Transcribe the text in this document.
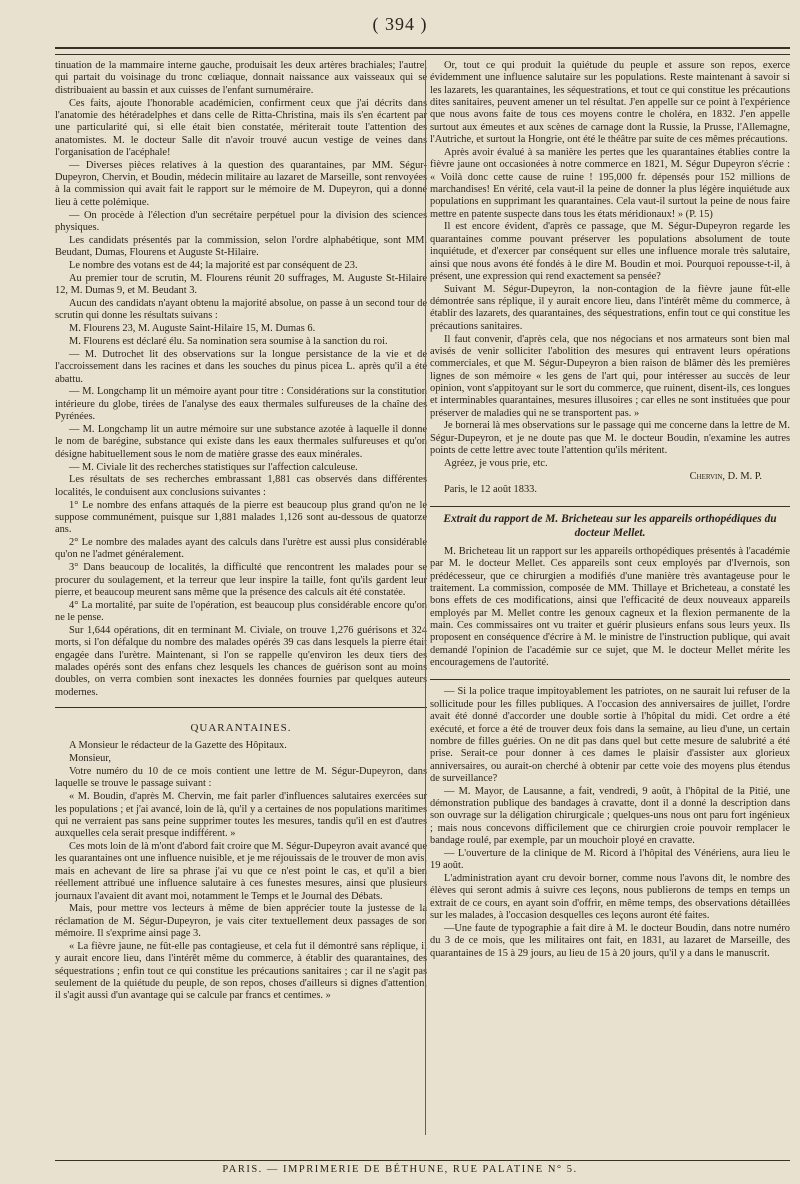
( 394 )

tinuation de la mammaire interne gauche, produisait les deux artères brachiales; l'autre, qui partait du voisinage du tronc cœliaque, donnait naissance aux vaisseaux qui se distribuaient au bassin et aux cuisses de l'enfant surnuméraire.

Ces faits, ajoute l'honorable académicien, confirment ceux que j'ai décrits dans l'anatomie des hétéradelphes et dans celle de Ritta-Christina, mais ils s'en écartent par une particularité qui, si elle était bien constatée, mériterait toute l'attention des anatomistes. M. le docteur Salle dit n'avoir trouvé aucun vestige de veines dans l'organisation de l'acéphale!

— Diverses pièces relatives à la question des quarantaines, par MM. Ségur-Dupeyron, Chervin, et Boudin, médecin militaire au lazaret de Marseille, sont renvoyées à la commission qui avait fait le rapport sur le mémoire de M. Dupeyron, qui a donné lieu à cette polémique.

— On procède à l'élection d'un secrétaire perpétuel pour la division des sciences physiques.

Les candidats présentés par la commission, selon l'ordre alphabétique, sont MM. Beudant, Dumas, Flourens et Auguste St-Hilaire.

Le nombre des votans est de 44; la majorité est par conséquent de 23.

Au premier tour de scrutin, M. Flourens réunit 20 suffrages, M. Auguste St-Hilaire 12, M. Dumas 9, et M. Beudant 3.

Aucun des candidats n'ayant obtenu la majorité absolue, on passe à un second tour de scrutin qui donne les résultats suivans :

M. Flourens 23, M. Auguste Saint-Hilaire 15, M. Dumas 6.

M. Flourens est déclaré élu. Sa nomination sera soumise à la sanction du roi.

— M. Dutrochet lit des observations sur la longue persistance de la vie et de l'accroissement dans les racines et dans les souches du pinus picea L. après qu'il a été abattu.

— M. Longchamp lit un mémoire ayant pour titre : Considérations sur la constitution intérieure du globe, tirées de l'analyse des eaux thermales sulfureuses de la chaîne des Pyrénées.

— M. Longchamp lit un autre mémoire sur une substance azotée à laquelle il donne le nom de barégine, substance qui existe dans les eaux thermales sulfureuses et qu'on désigne habituellement sous le nom de matière grasse des eaux minérales.

— M. Civiale lit des recherches statistiques sur l'affection calculeuse.

Les résultats de ses recherches embrassant 1,881 cas observés dans différentes localités, le conduisent aux conclusions suivantes :

1° Le nombre des enfans attaqués de la pierre est beaucoup plus grand qu'on ne le suppose communément, puisque sur 1,881 malades 1,126 sont au-dessous de quatorze ans.

2° Le nombre des malades ayant des calculs dans l'urètre est aussi plus considérable qu'on ne l'admet généralement.

3° Dans beaucoup de localités, la difficulté que rencontrent les malades pour se procurer du soulagement, et la terreur que leur inspire la taille, font qu'ils gardent leur pierre, et beaucoup meurent sans même que la présence des calculs ait été constatée.

4° La mortalité, par suite de l'opération, est beaucoup plus considérable encore qu'on ne le pense.

Sur 1,644 opérations, dit en terminant M. Civiale, on trouve 1,276 guérisons et 324 morts, si l'on défalque du nombre des malades opérés 39 cas dans lesquels la pierre était engagée dans l'urètre. Maintenant, si l'on se rappelle qu'environ les deux tiers des malades opérés sont des enfans chez lesquels les chances de guérison sont au moins doubles, on verra combien sont inexactes les données fournies par quelques auteurs modernes.

QUARANTAINES.

A Monsieur le rédacteur de la Gazette des Hôpitaux.

Monsieur,

Votre numéro du 10 de ce mois contient une lettre de M. Ségur-Dupeyron, dans laquelle se trouve le passage suivant :

« M. Boudin, d'après M. Chervin, me fait parler d'influences salutaires exercées sur les populations ; et j'ai avancé, loin de là, qu'il y a certaines de nos populations maritimes qui ne verraient pas sans peine supprimer toutes les mesures, tandis qu'il en est d'autres auxquelles cela serait presque indifférent. »

Ces mots loin de là m'ont d'abord fait croire que M. Ségur-Dupeyron avait avancé que les quarantaines ont une influence nuisible, et je me réjouissais de le trouver de mon avis, mais en achevant de lire sa phrase j'ai vu que ce n'est point le cas, et qu'il a bien réellement attribué une influence salutaire à ces funestes mesures, ainsi que plusieurs journaux l'avaient dit avant moi, notamment le Temps et le Journal des Débats.

Mais, pour mettre vos lecteurs à même de bien apprécier toute la justesse de la réclamation de M. Ségur-Dupeyron, je vais citer textuellement deux passages de son mémoire. Il s'exprime ainsi page 3.

« La fièvre jaune, ne fût-elle pas contagieuse, et cela fut il démontré sans réplique, il y aurait encore lieu, dans l'intérêt même du commerce, à établir des quarantaines, des séquestrations ; enfin tout ce qui constitue les précautions sanitaires ; car il ne s'agit pas seulement de la quiétude du peuple, de son repos, choses d'ailleurs si dignes d'attention, il s'agit aussi d'un avantage qui se calcule par francs et centimes. »

Or, tout ce qui produit la quiétude du peuple et assure son repos, exerce évidemment une influence salutaire sur les populations. Reste maintenant à savoir si les lazarets, les quarantaines, les séquestrations, et tout ce qui constitue les précautions dites sanitaires, peuvent amener un tel résultat. J'en appelle sur ce point à l'expérience que nous avons faite de tous ces moyens contre le choléra, en 1832. J'en appelle surtout aux émeutes et aux scènes de carnage dont la Russie, la Prusse, l'Allemagne, l'Autriche, et surtout la Hongrie, ont été le théâtre par suite de ces mêmes précautions.

Après avoir évalué à sa manière les pertes que les quarantaines établies contre la fièvre jaune ont occasionées à notre commerce en 1821, M. Ségur Dupeyron s'écrie : « Voilà donc cette cause de ruine ! 195,000 fr. dépensés pour 152 millions de marchandises! En vérité, cela vaut-il la peine de donner la plus légère inquiétude aux populations en supprimant les quarantaines. Cela vaut-il surtout la peine de nous faire mettre en patente suspecte dans tous les états méridionaux! » (P. 15)

Il est encore évident, d'après ce passage, que M. Ségur-Dupeyron regarde les quarantaines comme pouvant préserver les populations absolument de toute inquiétude, et d'exercer par conséquent sur elles une influence morale très salutaire, ainsi que nous avons été fondés à le dire M. Boudin et moi. Pourquoi repousse-t-il, à présent, une expression qui rend exactement sa pensée?

Suivant M. Ségur-Dupeyron, la non-contagion de la fièvre jaune fût-elle démontrée sans réplique, il y aurait encore lieu, dans l'intérêt même du commerce, à établir des lazarets, des quarantaines, des séquestrations, enfin tout ce qui constitue les précautions sanitaires.

Il faut convenir, d'après cela, que nos négocians et nos armateurs sont bien mal avisés de venir solliciter l'abolition des mesures qui entravent leurs opérations commerciales, et que M. Ségur-Dupeyron a bien raison de blâmer dès les premières lignes de son mémoire « les gens de l'art qui, pour intéresser au succès de leur opinion, vont s'appitoyant sur le sort du commerce, que ruinent, disent-ils, ces longues et interminables quarantaines, mesures illusoires ; car elles ne sont instituées que pour préserver de maladies qui ne se transportent pas. »

Je bornerai là mes observations sur le passage qui me concerne dans la lettre de M. Ségur-Dupeyron, et je ne doute pas que M. le docteur Boudin, n'examine les autres points de cette lettre avec toute l'attention qu'ils méritent.

Agréez, je vous prie, etc.

Chervin, D. M. P.

Paris, le 12 août 1833.

Extrait du rapport de M. Bricheteau sur les appareils orthopédiques du docteur Mellet.

M. Bricheteau lit un rapport sur les appareils orthopédiques présentés à l'académie par M. le docteur Mellet. Ces appareils sont ceux employés par d'Ivernois, son prédécesseur, que ce chirurgien a modifiés d'une manière très avantageuse pour le traitement. La commission, composée de MM. Thillaye et Bricheteau, a constaté les bons effets de ces modifications, ainsi que l'efficacité de deux nouveaux appareils employés par M. Mellet contre les genoux cagneux et la flexion permanente de la main. Ces commissaires ont vu traiter et guérir plusieurs enfans sous leurs yeux. Ils proposent en conséquence d'écrire à M. le ministre de l'instruction publique, qui avait demandé l'opinion de l'académie sur ce sujet, que M. le docteur Mellet mérite les encouragemens de l'autorité.

— Si la police traque impitoyablement les patriotes, on ne saurait lui refuser de la sollicitude pour les filles publiques. A l'occasion des anniversaires de juillet, l'ordre avait été donné d'accorder une double sortie à l'hôpital du midi. Cet ordre a été exécuté, et force a été de trouver deux fois dans la semaine, au lieu d'une, un certain nombre de filles guéries. On ne dit pas dans quel but cette mesure de salubrité a été prise. Serait-ce pour donner à ces dames le plaisir d'assister aux glorieux anniversaires, ou aurait-on cherché à obtenir par cette voie des moyens plus étendus de surveillance?

— M. Mayor, de Lausanne, a fait, vendredi, 9 août, à l'hôpital de la Pitié, une démonstration publique des bandages à cravatte, dont il a donné la description dans son ouvrage sur la déligation chirurgicale ; quelques-uns nous ont paru fort ingénieux ; mais nous concevons difficilement que ce chirurgien croie pouvoir remplacer le bandage roulé, par exemple, par un mouchoir ployé en cravatte.

— L'ouverture de la clinique de M. Ricord à l'hôpital des Vénériens, aura lieu le 19 août.

L'administration ayant cru devoir borner, comme nous l'avons dit, le nombre des élèves qui seront admis à suivre ces leçons, nous publierons de temps en temps un extrait de ce cours, en ayant soin d'offrir, en même temps, des observations détaillées sur les malades, à l'occasion desquelles ces leçons auront été faites.

—Une faute de typographie a fait dire à M. le docteur Boudin, dans notre numéro du 3 de ce mois, que les militaires ont fait, en 1831, au lazaret de Marseille, des quarantaines de 15 à 29 jours, au lieu de 15 à 20 jours, qu'il y a dans le manuscrit.

PARIS. — IMPRIMERIE DE BÉTHUNE, RUE PALATINE N° 5.
